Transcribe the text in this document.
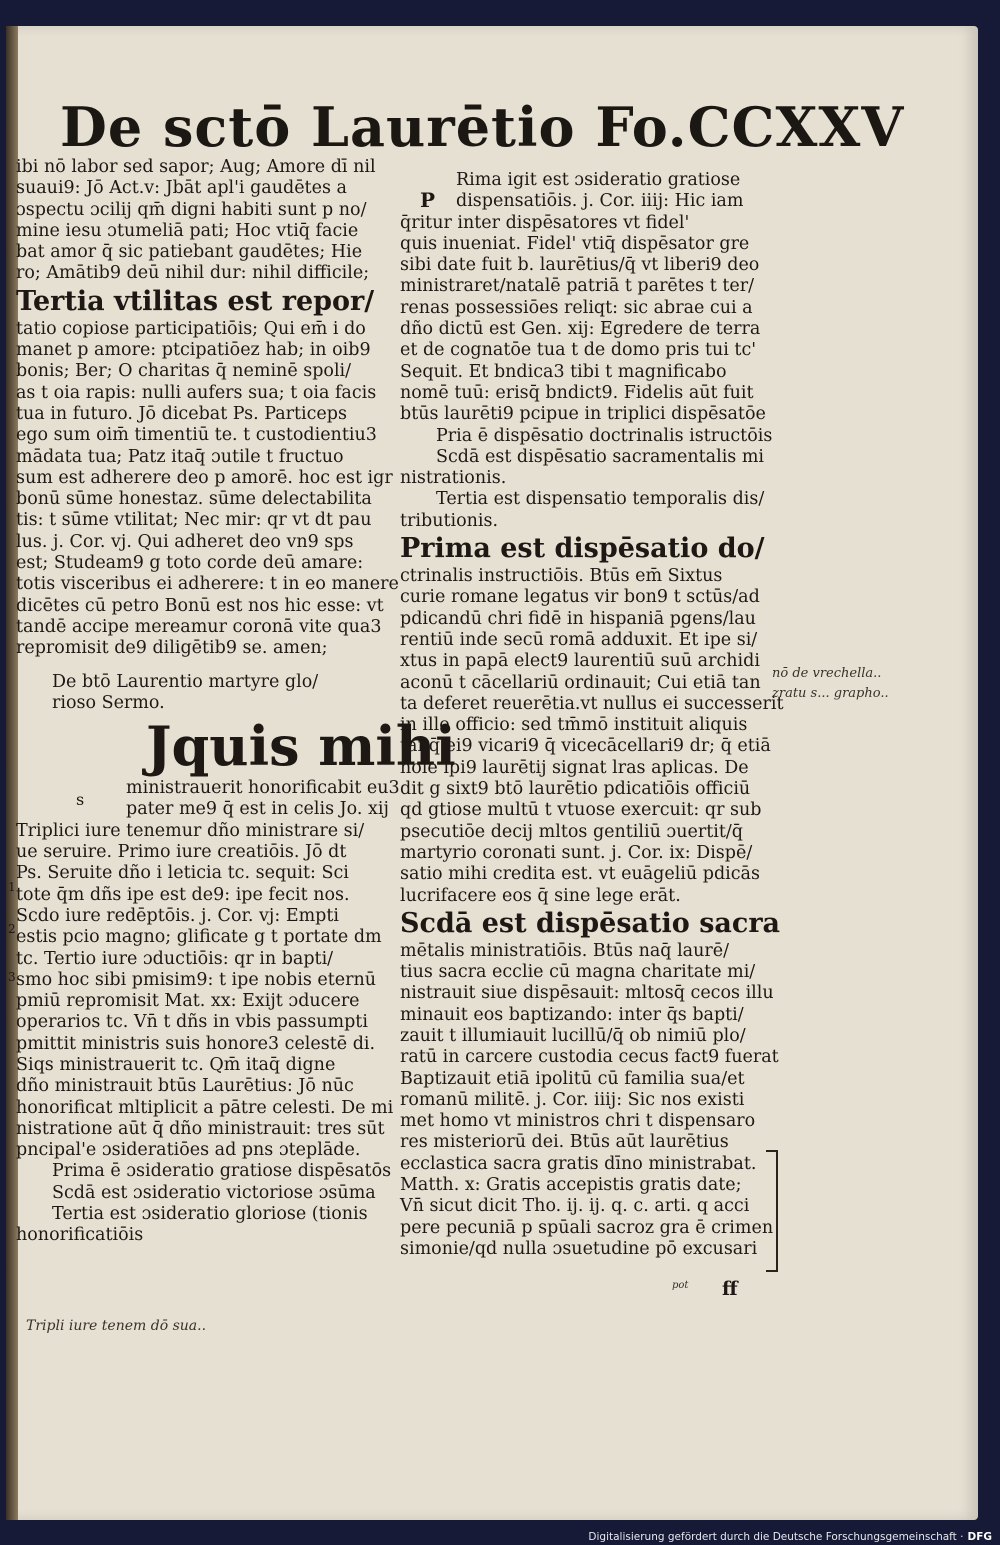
De sctō Laurētio Fo.CCXXV
P
s
ibi nō labor sed sapor; Aug; Amore dī nil
suaui9: Jō Act.v: Jbāt apl'i gaudētes a
ɔspectu ɔcilij qm̄ digni habiti sunt p no/
mine iesu ɔtumeliā pati; Hoc vtiq̄ facie
bat amor q̄ sic patiebant gaudētes; Hie
ro; Amātib9 deū nihil dur: nihil difficile;
Tertia vtilitas est repor/
tatio copiose participatiōis; Qui em̄ i do
manet p amore: ptcipatiōez hab; in oib9
bonis; Ber; O charitas q̄ neminē spoli/
as t oia rapis: nulli aufers sua; t oia facis
tua in futuro. Jō dicebat Ps. Particeps
ego sum oim̄ timentiū te. t custodientiu3
mādata tua; Patz itaq̄ ɔutile t fructuo
sum est adherere deo p amorē. hoc est igr
bonū sūme honestaz. sūme delectabilita
tis: t sūme vtilitat; Nec mir: qr vt dt pau
lus. j. Cor. vj. Qui adheret deo vn9 sps
est; Studeam9 g toto corde deū amare:
totis visceribus ei adherere: t in eo manere
dicētes cū petro Bonū est nos hic esse: vt
tandē accipe mereamur coronā vite qua3
repromisit de9 diligētib9 se. amen;
De btō Laurentio martyre glo/
rioso Sermo.
Jquis mihi
ministrauerit honorificabit eu3
pater me9 q̄ est in celis Jo. xij
Triplici iure tenemur dño ministrare si/
ue seruire. Primo iure creatiōis. Jō dt
Ps. Seruite dño i leticia tc. sequit: Sci
tote q̄m dñs ipe est de9: ipe fecit nos.
Scdo iure redēptōis. j. Cor. vj: Empti
estis pcio magno; glificate g t portate dm
tc. Tertio iure ɔductiōis: qr in bapti/
smo hoc sibi pmisim9: t ipe nobis eternū
pmiū repromisit Mat. xx: Exijt ɔducere
operarios tc. Vn̄ t dñs in vbis passumpti
pmittit ministris suis honore3 celestē di.
Siqs ministrauerit tc. Qm̄ itaq̄ digne
dño ministrauit btūs Laurētius: Jō nūc
honorificat mltiplicit a pātre celesti. De mi
nistratione aūt q̄ dño ministrauit: tres sūt
pncipal'e ɔsideratiōes ad pns ɔteplāde.
Prima ē ɔsideratio gratiose dispēsatōs
Scdā est ɔsideratio victoriose ɔsūma
Tertia est ɔsideratio gloriose (tionis
honorificatiōis
Rima igit est ɔsideratio gratiose
dispensatiōis. j. Cor. iiij: Hic iam
q̄ritur inter dispēsatores vt fidel'
quis inueniat. Fidel' vtiq̄ dispēsator gre
sibi date fuit b. laurētius/q̄ vt liberi9 deo
ministraret/natalē patriā t parētes t ter/
renas possessiōes reliqt: sic abrae cui a
dño dictū est Gen. xij: Egredere de terra
et de cognatōe tua t de domo pris tui tc'
Sequit. Et bndica3 tibi t magnificabo
nomē tuū: erisq̄ bndict9. Fidelis aūt fuit
btūs laurēti9 pcipue in triplici dispēsatōe
Pria ē dispēsatio doctrinalis istructōis
Scdā est dispēsatio sacramentalis mi
nistrationis.
Tertia est dispensatio temporalis dis/
tributionis.
Prima est dispēsatio do/
ctrinalis instructiōis. Btūs em̄ Sixtus
curie romane legatus vir bon9 t sctūs/ad
pdicandū chri fidē in hispaniā pgens/lau
rentiū inde secū romā adduxit. Et ipe si/
xtus in papā elect9 laurentiū suū archidi
aconū t cācellariū ordinauit; Cui etiā tan
ta deferet reuerētia.vt nullus ei successerit
in illo officio: sed tm̄mō instituit aliquis
tanq̄ ei9 vicari9 q̄ vicecācellari9 dr; q̄ etiā
noie ipi9 laurētij signat lras aplicas. De
dit g sixt9 btō laurētio pdicatiōis officiū
qd gtiose multū t vtuose exercuit: qr sub
psecutiōe decij mltos gentiliū ɔuertit/q̄
martyrio coronati sunt. j. Cor. ix: Dispē/
satio mihi credita est. vt euāgeliū pdicās
lucrifacere eos q̄ sine lege erāt.
Scdā est dispēsatio sacra
mētalis ministratiōis. Btūs naq̄ laurē/
tius sacra ecclie cū magna charitate mi/
nistrauit siue dispēsauit: mltosq̄ cecos illu
minauit eos baptizando: inter q̄s bapti/
zauit t illumiauit lucillū/q̄ ob nimiū plo/
ratū in carcere custodia cecus fact9 fuerat
Baptizauit etiā ipolitū cū familia sua/et
romanū militē. j. Cor. iiij: Sic nos existi
met homo vt ministros chri t dispensaro
res misteriorū dei. Btūs aūt laurētius
ecclastica sacra gratis dīno ministrabat.
Matth. x: Gratis accepistis gratis date;
Vn̄ sicut dicit Tho. ij. ij. q. c. arti. q acci
pere pecuniā p spūali sacroz gra ē crimen
simonie/qd nulla ɔsuetudine pō excusari
nō de vrechella..
zratu s... grapho..
Tripli iure tenem dō sua..
pot
1
2
3
ff
Digitalisierung gefördert durch die Deutsche Forschungsgemeinschaft · DFG
